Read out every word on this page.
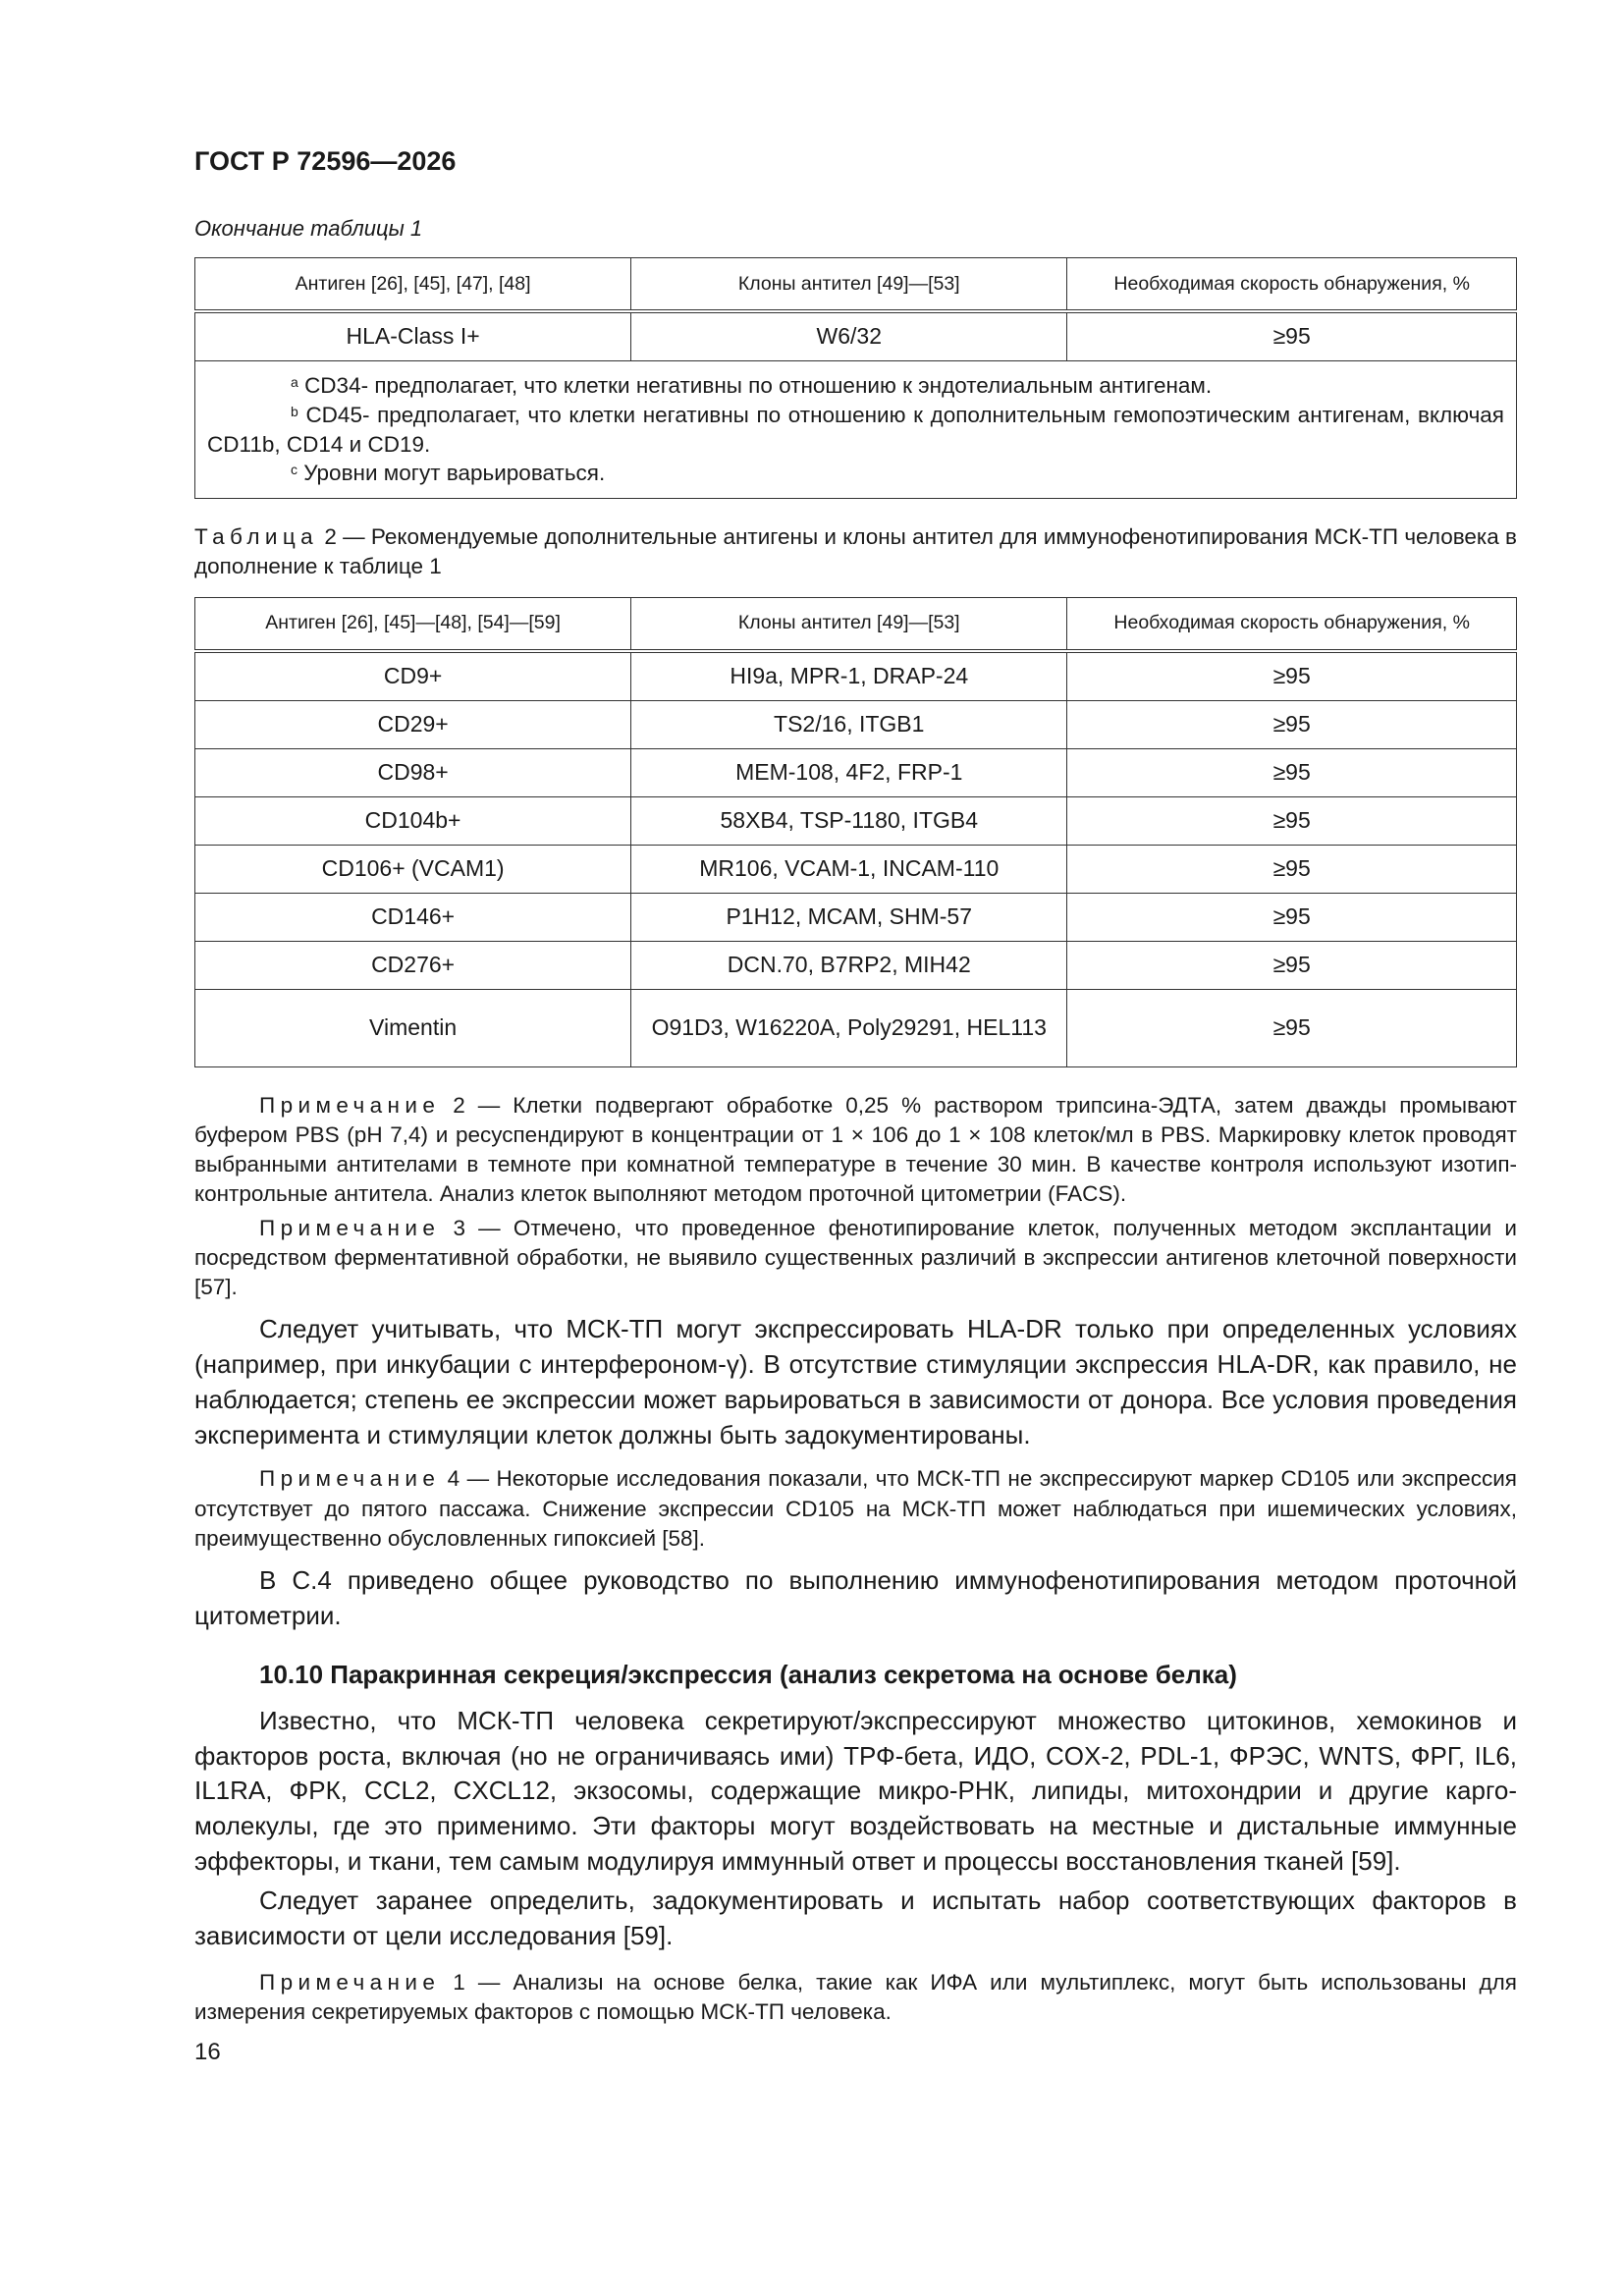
ГОСТ Р 72596—2026
Окончание таблицы 1
Антиген [26], [45], [47], [48]	Клоны антител [49]—[53]	Необходимая скорость обнаружения, %
HLA-Class I+	W6/32	≥95

$^a$ CD34- предполагает, что клетки негативны по отношению к эндотелиальным антигенам.
$^b$ CD45- предполагает, что клетки негативны по отношению к дополнительным гемопоэтическим антигенам, включая CD11b, CD14 и CD19.
$^c$ Уровни могут варьироваться.		
Таблица 2 — Рекомендуемые дополнительные антигены и клоны антител для иммунофенотипирования МСК-ТП человека в дополнение к таблице 1
Антиген [26], [45]—[48], [54]—[59]	Клоны антител [49]—[53]	Необходимая скорость обнаружения, %
CD9+	HI9a, MPR-1, DRAP-24	≥95
CD29+	TS2/16, ITGB1	≥95
CD98+	MEM-108, 4F2, FRP-1	≥95
CD104b+	58XB4, TSP-1180, ITGB4	≥95
CD106+ (VCAM1)	MR106, VCAM-1, INCAM-110	≥95
CD146+	P1H12, MCAM, SHM-57	≥95
CD276+	DCN.70, B7RP2, MIH42	≥95
Vimentin	O91D3, W16220A, Poly29291, HEL113	≥95

Примечание 2 — Клетки подвергают обработке 0,25 % раствором трипсина-ЭДТА, затем дважды промывают буфером PBS (pH 7,4) и ресуспендируют в концентрации от 1 × 106 до 1 × 108 клеток/мл в PBS. Маркировку клеток проводят выбранными антителами в темноте при комнатной температуре в течение 30 мин. В качестве контроля используют изотип-контрольные антитела. Анализ клеток выполняют методом проточной цитометрии (FACS).

Примечание 3 — Отмечено, что проведенное фенотипирование клеток, полученных методом эксплантации и посредством ферментативной обработки, не выявило существенных различий в экспрессии антигенов клеточной поверхности [57].

Следует учитывать, что МСК-ТП могут экспрессировать HLA-DR только при определенных условиях (например, при инкубации с интерфероном-γ). В отсутствие стимуляции экспрессия HLA-DR, как правило, не наблюдается; степень ее экспрессии может варьироваться в зависимости от донора. Все условия проведения эксперимента и стимуляции клеток должны быть задокументированы.

Примечание 4 — Некоторые исследования показали, что МСК-ТП не экспрессируют маркер CD105 или экспрессия отсутствует до пятого пассажа. Снижение экспрессии CD105 на МСК-ТП может наблюдаться при ишемических условиях, преимущественно обусловленных гипоксией [58].

В С.4 приведено общее руководство по выполнению иммунофенотипирования методом проточной цитометрии.

10.10 Паракринная секреция/экспрессия (анализ секретома на основе белка)

Известно, что МСК-ТП человека секретируют/экспрессируют множество цитокинов, хемокинов и факторов роста, включая (но не ограничиваясь ими) ТРФ-бета, ИДО, COX-2, PDL-1, ФРЭС, WNTS, ФРГ, IL6, IL1RA, ФРК, CCL2, CXCL12, экзосомы, содержащие микро-РНК, липиды, митохондрии и другие карго-молекулы, где это применимо. Эти факторы могут воздействовать на местные и дистальные иммунные эффекторы, и ткани, тем самым модулируя иммунный ответ и процессы восстановления тканей [59].

Следует заранее определить, задокументировать и испытать набор соответствующих факторов в зависимости от цели исследования [59].

Примечание 1 — Анализы на основе белка, такие как ИФА или мультиплекс, могут быть использованы для измерения секретируемых факторов с помощью МСК-ТП человека.

16
